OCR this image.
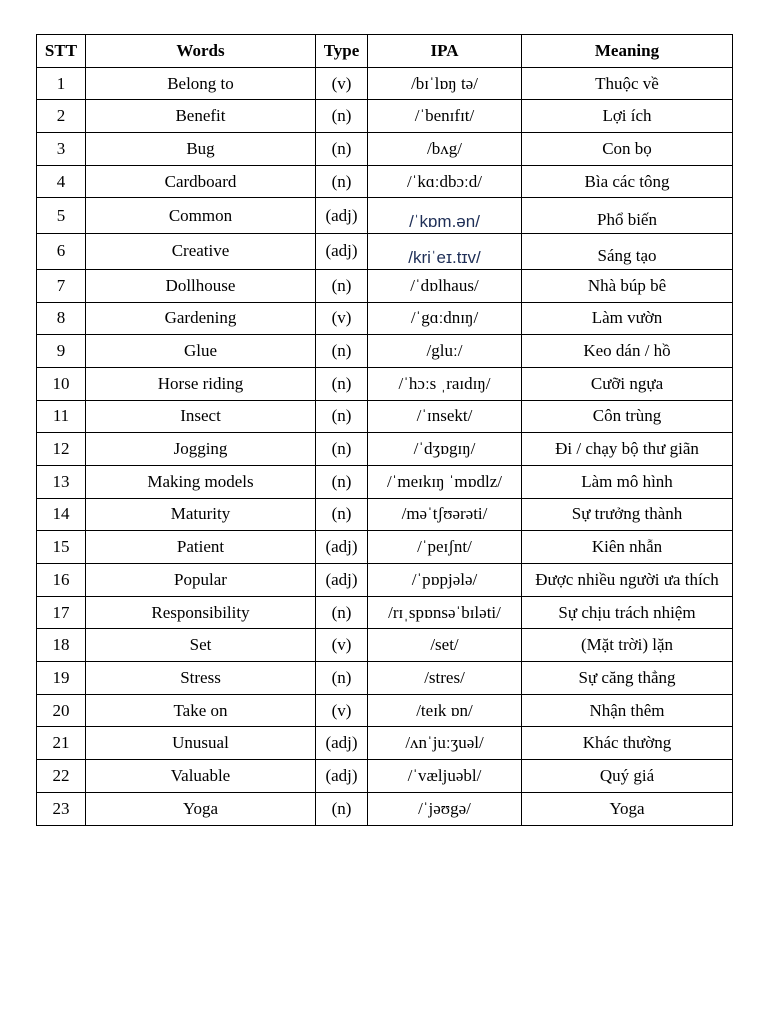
STT	Words	Type	IPA	Meaning
1	Belong to	(v)	/bɪˈlɒŋ tə/	Thuộc về
2	Benefit	(n)	/ˈbenɪfɪt/	Lợi ích
3	Bug	(n)	/bʌg/	Con bọ
4	Cardboard	(n)	/ˈkɑːdbɔːd/	Bìa các tông
5	Common	(adj)	/ˈkɒm.ən/	Phổ biến
6	Creative	(adj)	/kriˈeɪ.tɪv/	Sáng tạo
7	Dollhouse	(n)	/ˈdɒlhaus/	Nhà búp bê
8	Gardening	(v)	/ˈgɑːdnɪŋ/	Làm vườn
9	Glue	(n)	/gluː/	Keo dán / hồ
10	Horse riding	(n)	/ˈhɔːs ˌraɪdɪŋ/	Cưỡi ngựa
11	Insect	(n)	/ˈɪnsekt/	Côn trùng
12	Jogging	(n)	/ˈdʒɒgɪŋ/	Đi / chạy bộ thư giãn
13	Making models	(n)	/ˈmeɪkɪŋ ˈmɒdlz/	Làm mô hình
14	Maturity	(n)	/məˈtʃʊərəti/	Sự trưởng thành
15	Patient	(adj)	/ˈpeɪʃnt/	Kiên nhẫn
16	Popular	(adj)	/ˈpɒpjələ/	Được nhiều người ưa thích
17	Responsibility	(n)	/rɪˌspɒnsəˈbɪləti/	Sự chịu trách nhiệm
18	Set	(v)	/set/	(Mặt trời) lặn
19	Stress	(n)	/stres/	Sự căng thẳng
20	Take on	(v)	/teɪk ɒn/	Nhận thêm
21	Unusual	(adj)	/ʌnˈjuːʒuəl/	Khác thường
22	Valuable	(adj)	/ˈvæljuəbl/	Quý giá
23	Yoga	(n)	/ˈjəʊgə/	Yoga
